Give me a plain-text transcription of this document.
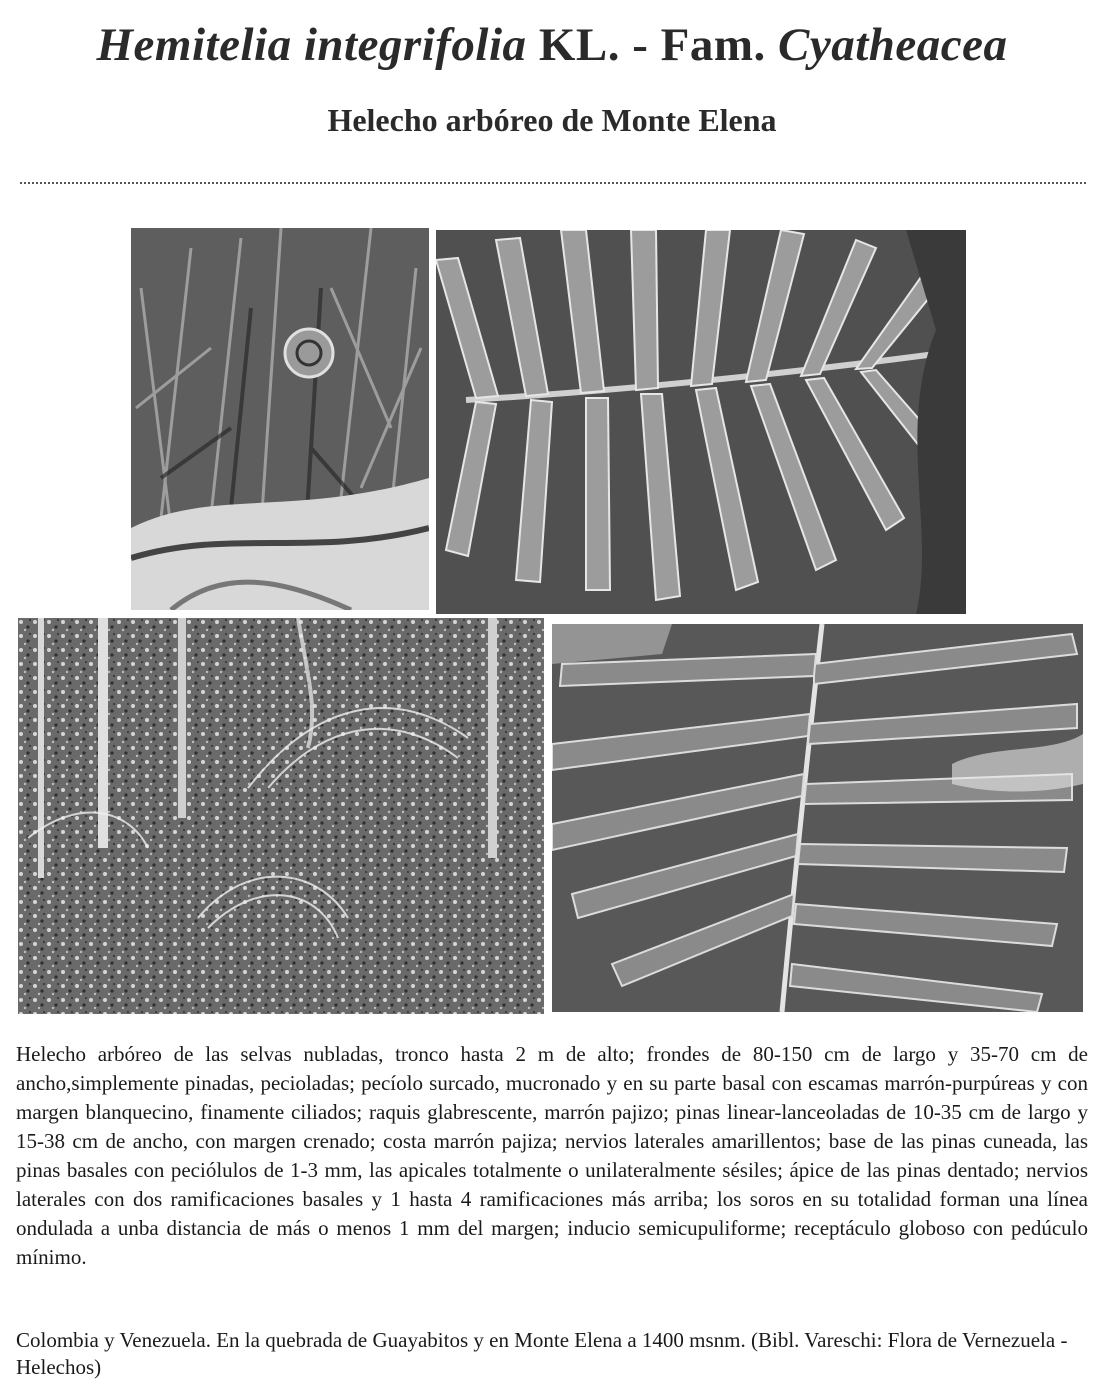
Hemitelia integrifolia KL. - Fam. Cyatheacea
Helecho arbóreo de Monte Elena

Helecho arbóreo de las selvas nubladas, tronco hasta 2 m de alto; frondes de 80-150 cm de largo y 35-70 cm de ancho,simplemente pinadas, pecioladas; pecíolo surcado, mucronado y en su parte basal con escamas marrón-purpúreas y con margen blanquecino, finamente ciliados; raquis glabrescente, marrón pajizo; pinas linear-lanceoladas de 10-35 cm de largo y 15-38 cm de ancho, con margen crenado; costa marrón pajiza; nervios laterales amarillentos; base de las pinas cuneada, las pinas basales con peciólulos de 1-3 mm, las apicales totalmente o unilateralmente sésiles; ápice de las pinas dentado; nervios laterales con dos ramificaciones basales y 1 hasta 4 ramificaciones más arriba; los soros en su totalidad forman una línea ondulada a unba distancia de más o menos 1 mm del margen; inducio semicupuliforme; receptáculo globoso con pedúculo mínimo.

Colombia y Venezuela. En la quebrada de Guayabitos y en Monte Elena a 1400 msnm. (Bibl. Vareschi: Flora de Vernezuela - Helechos)
